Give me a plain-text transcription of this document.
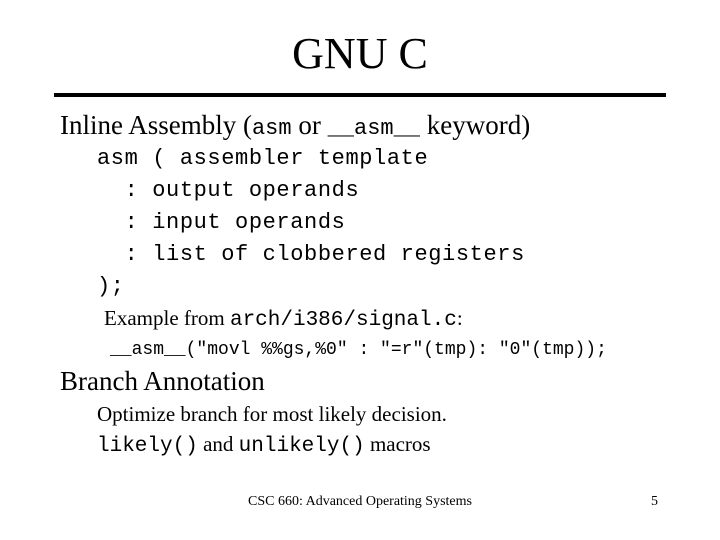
GNU C
Inline Assembly (asm or __asm__ keyword)
asm ( assembler template
: output operands
: input operands
: list of clobbered registers
);
Example from arch/i386/signal.c:
__asm__("movl %%gs,%0" : "=r"(tmp): "0"(tmp));
Branch Annotation
Optimize branch for most likely decision.
likely() and unlikely() macros
CSC 660: Advanced Operating Systems	5
